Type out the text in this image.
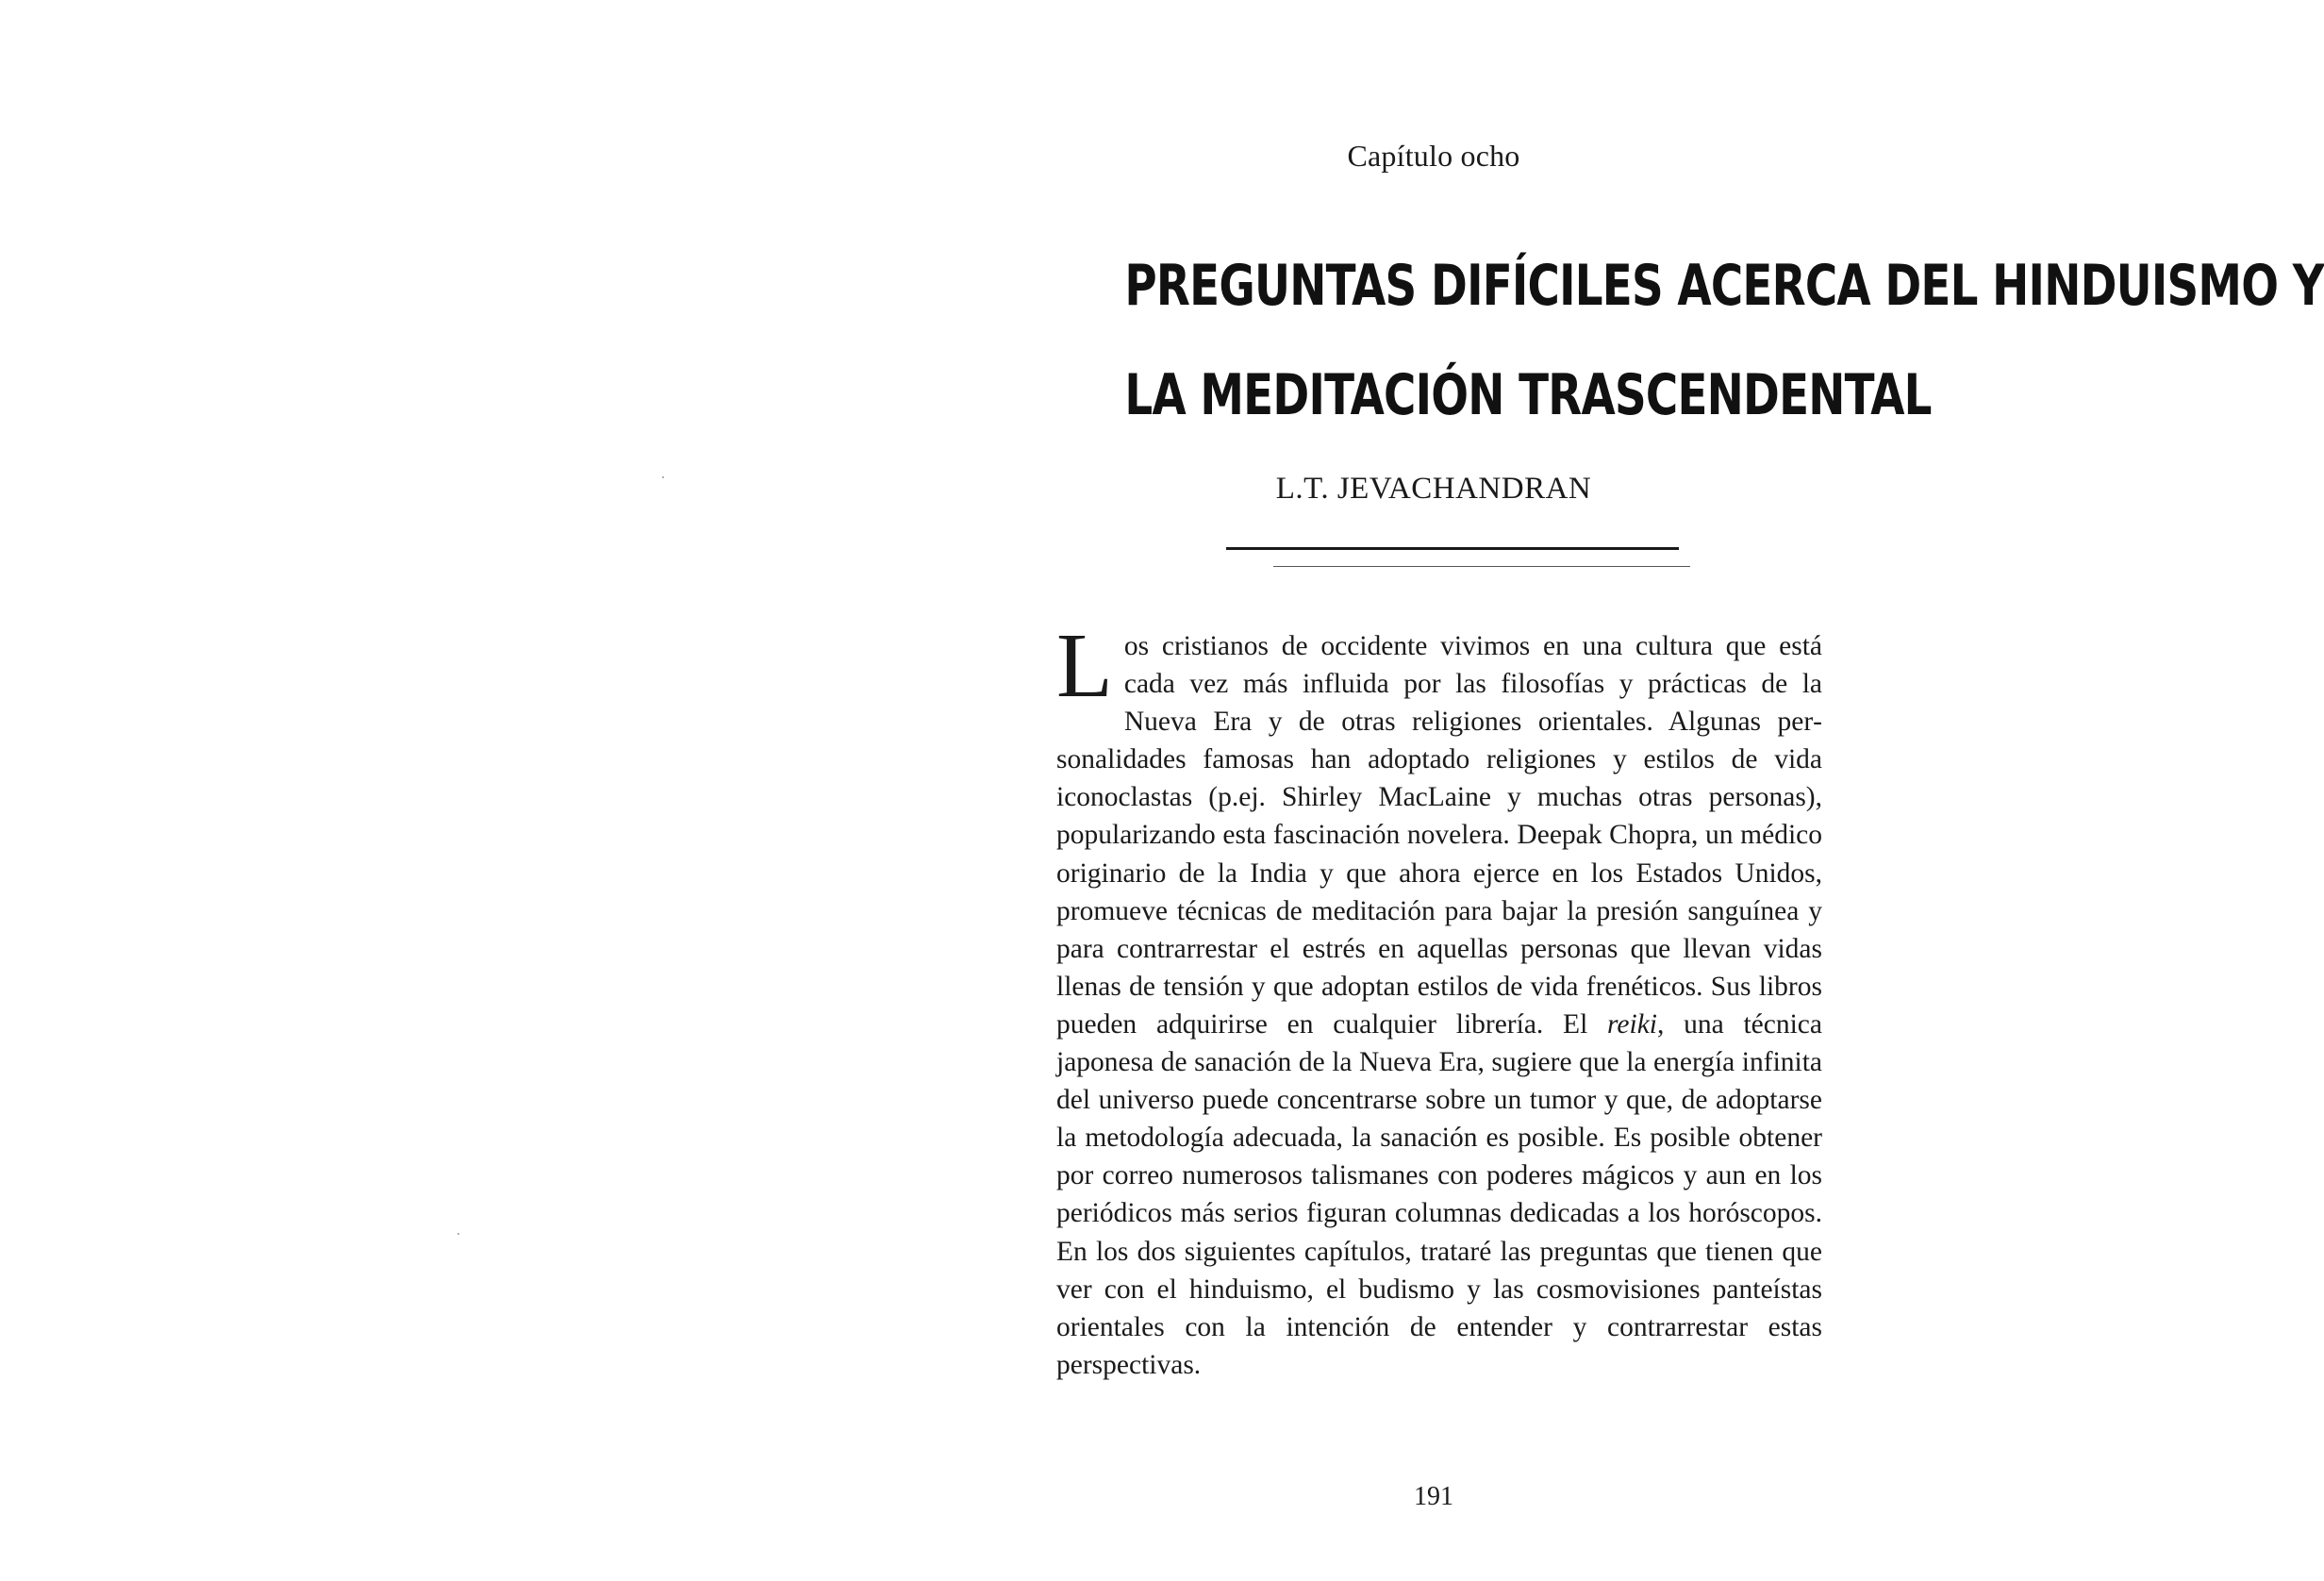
Capítulo ocho
PREGUNTAS DIFÍCILES ACERCA DEL HINDUISMO Y
LA MEDITACIÓN TRASCENDENTAL
L.T. JEVACHANDRAN
Los cristianos de occidente vivimos en una cultura que está cada vez más influida por las filosofías y prácticas de la Nueva Era y de otras religiones orientales. Algunas personalidades famosas han adoptado religiones y estilos de vida iconoclastas (p.ej. Shirley MacLaine y muchas otras personas), popularizando esta fascinación novelera. Deepak Chopra, un médico originario de la India y que ahora ejerce en los Estados Unidos, promueve técnicas de meditación para bajar la presión sanguínea y para contrarrestar el estrés en aquellas personas que llevan vidas llenas de tensión y que adoptan estilos de vida frenéticos. Sus libros pueden adquirirse en cualquier librería. El reiki, una técnica japonesa de sanación de la Nueva Era, sugiere que la energía infinita del universo puede concentrarse sobre un tumor y que, de adoptarse la metodología adecuada, la sanación es posible. Es posible obtener por correo numerosos talismanes con poderes mágicos y aun en los periódicos más serios figuran columnas dedicadas a los horóscopos. En los dos siguientes capítulos, trataré las preguntas que tienen que ver con el hinduismo, el budismo y las cosmovisiones panteístas orientales con la intención de entender y contrarrestar estas perspectivas.
191
